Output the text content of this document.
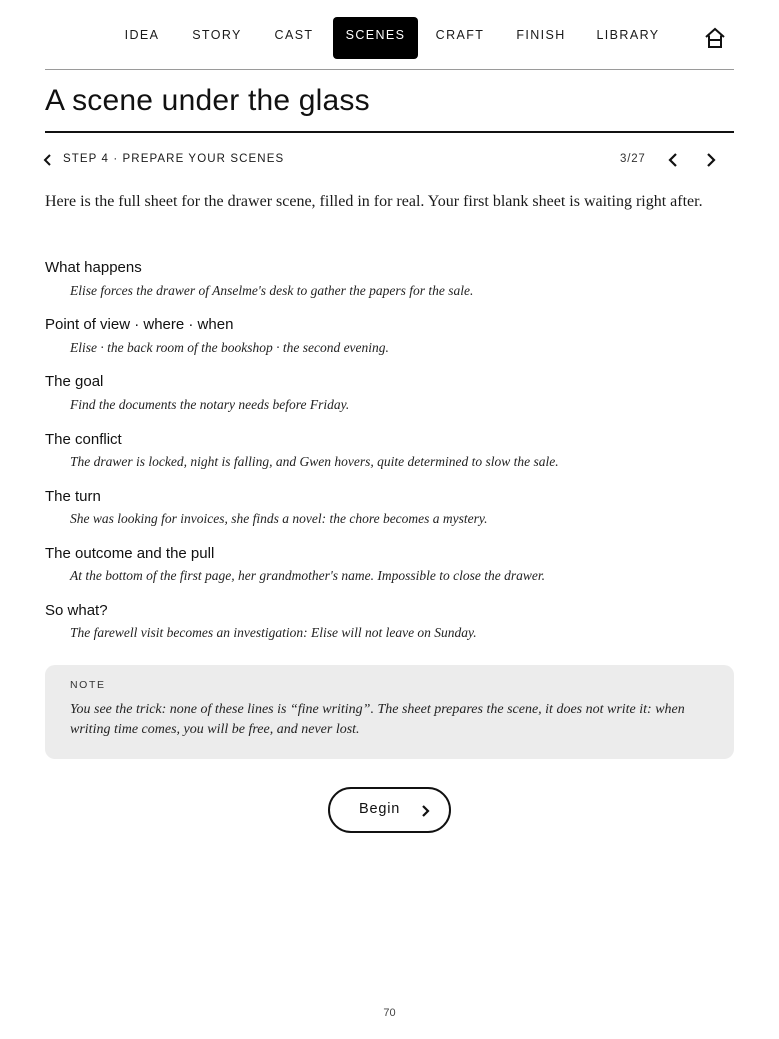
IDEA	STORY	CAST	SCENES	CRAFT	FINISH	LIBRARY
A scene under the glass
STEP 4 · PREPARE YOUR SCENES	3/27

Here is the full sheet for the drawer scene, filled in for real. Your first blank sheet is waiting right after.

What happens
Elise forces the drawer of Anselme's desk to gather the papers for the sale.
Point of view · where · when
Elise · the back room of the bookshop · the second evening.
The goal
Find the documents the notary needs before Friday.
The conflict
The drawer is locked, night is falling, and Gwen hovers, quite determined to slow the sale.
The turn
She was looking for invoices, she finds a novel: the chore becomes a mystery.
The outcome and the pull
At the bottom of the first page, her grandmother's name. Impossible to close the drawer.
So what?
The farewell visit becomes an investigation: Elise will not leave on Sunday.
NOTE

You see the trick: none of these lines is “fine writing”. The sheet prepares the scene, it does not write it: when writing time comes, you will be free, and never lost.

Begin
70
